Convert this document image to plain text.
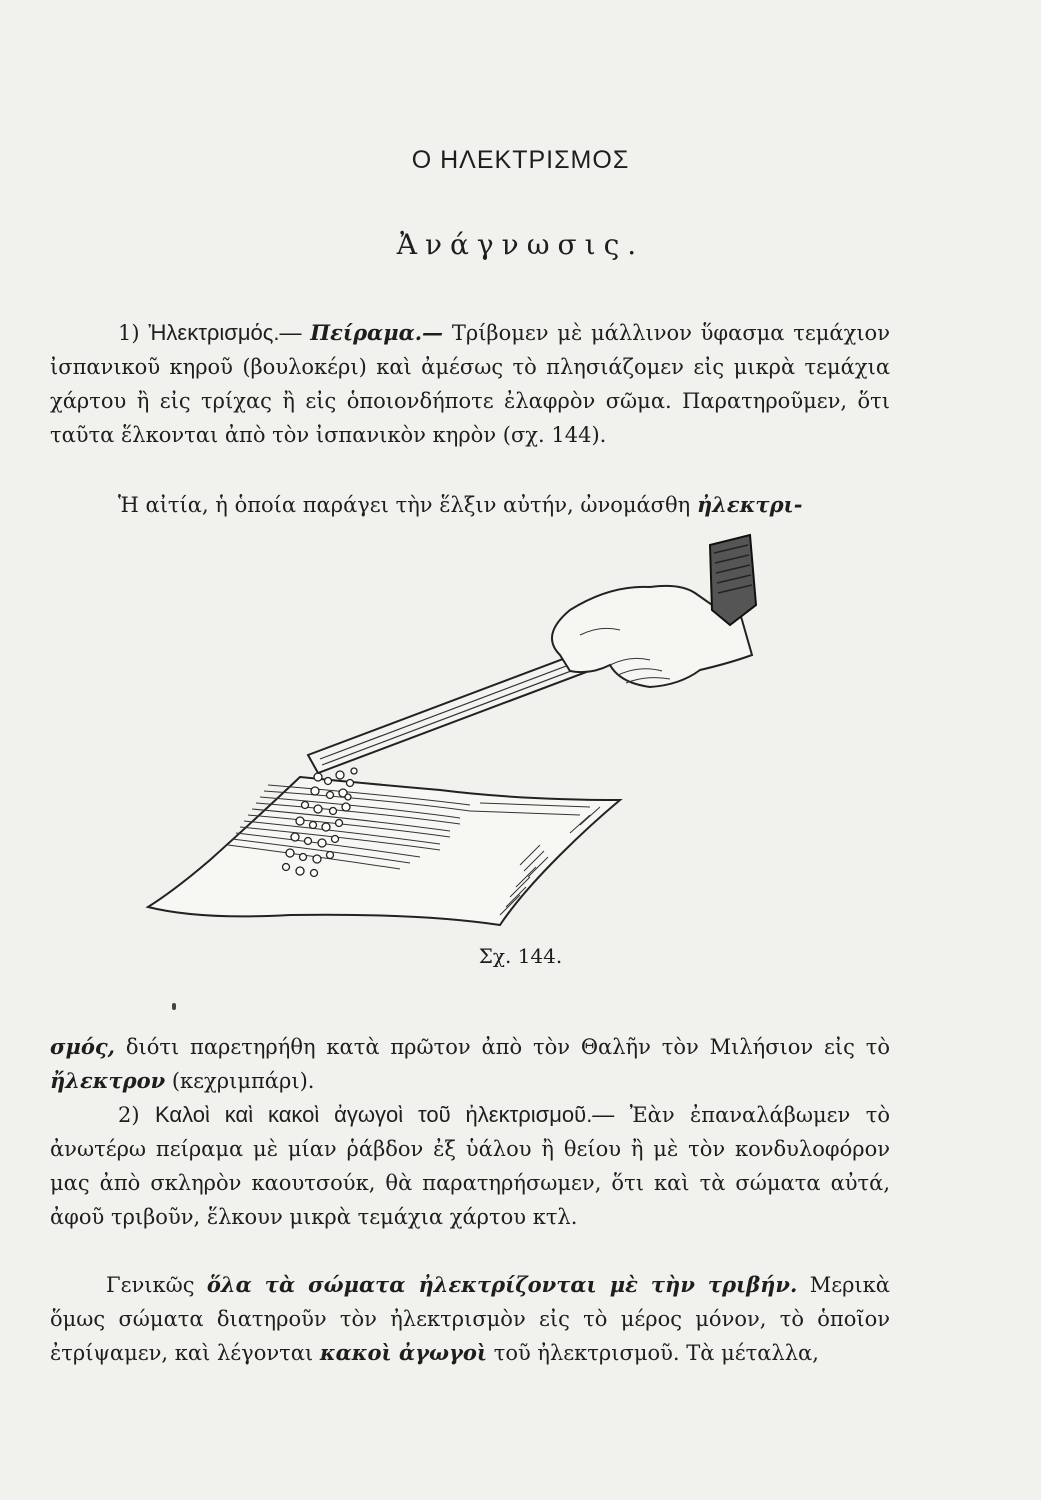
Ο ΗΛΕΚΤΡΙΣΜΟΣ
Ἀνάγνωσις.

1) Ἠλεκτρισμός.— Πείραμα.— Τρίβομεν μὲ μάλλινον ὕφασμα τεμάχιον ἰσπανικοῦ κηροῦ (βουλοκέρι) καὶ ἀμέσως τὸ πλησιάζομεν εἰς μικρὰ τεμάχια χάρτου ἢ εἰς τρίχας ἢ εἰς ὁποιονδήποτε ἐλαφρὸν σῶμα. Παρατηροῦμεν, ὅτι ταῦτα ἕλκονται ἀπὸ τὸν ἰσπανικὸν κηρὸν (σχ. 144).

Ἡ αἰτία, ἡ ὁποία παράγει τὴν ἕλξιν αὐτήν, ὠνομάσθη ἠλεκτρι-

Σχ. 144.

σμός, διότι παρετηρήθη κατὰ πρῶτον ἀπὸ τὸν Θαλῆν τὸν Μιλήσιον εἰς τὸ ἤλεκτρον (κεχριμπάρι).

2) Καλοὶ καὶ κακοὶ ἀγωγοὶ τοῦ ἠλεκτρισμοῦ.— Ἐὰν ἐπαναλάβωμεν τὸ ἀνωτέρω πείραμα μὲ μίαν ῥάβδον ἐξ ὑάλου ἢ θείου ἢ μὲ τὸν κονδυλοφόρον μας ἀπὸ σκληρὸν καουτσούκ, θὰ παρατηρήσωμεν, ὅτι καὶ τὰ σώματα αὐτά, ἀφοῦ τριβοῦν, ἕλκουν μικρὰ τεμάχια χάρτου κτλ.

Γενικῶς ὅλα τὰ σώματα ἠλεκτρίζονται μὲ τὴν τριβήν. Μερικὰ ὅμως σώματα διατηροῦν τὸν ἠλεκτρισμὸν εἰς τὸ μέρος μόνον, τὸ ὁποῖον ἐτρίψαμεν, καὶ λέγονται κακοὶ ἀγωγοὶ τοῦ ἠλεκτρισμοῦ. Τὰ μέταλλα,
